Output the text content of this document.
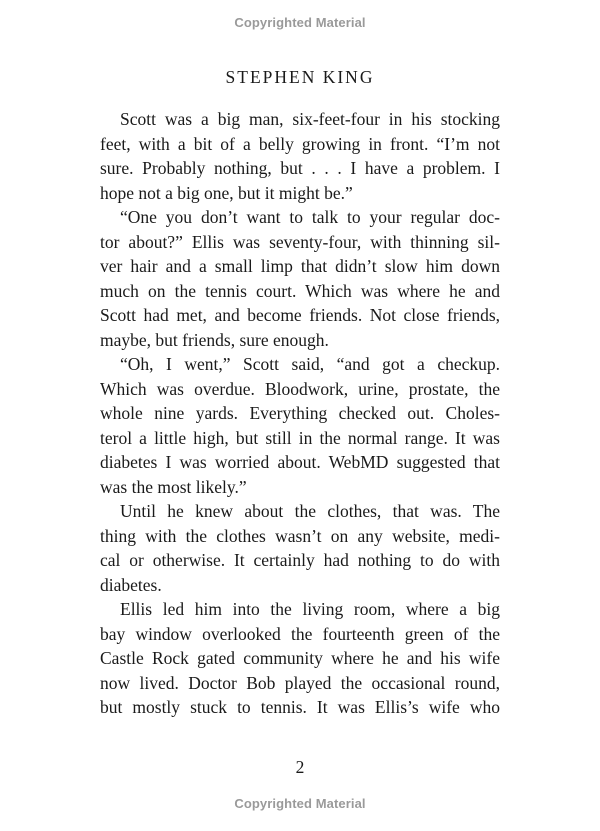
Copyrighted Material
STEPHEN KING
Scott was a big man, six-feet-four in his stocking
feet, with a bit of a belly growing in front. “I’m not
sure. Probably nothing, but . . . I have a problem. I
hope not a big one, but it might be.”
“One you don’t want to talk to your regular doc-
tor about?” Ellis was seventy-four, with thinning sil-
ver hair and a small limp that didn’t slow him down
much on the tennis court. Which was where he and
Scott had met, and become friends. Not close friends,
maybe, but friends, sure enough.
“Oh, I went,” Scott said, “and got a checkup.
Which was overdue. Bloodwork, urine, prostate, the
whole nine yards. Everything checked out. Choles-
terol a little high, but still in the normal range. It was
diabetes I was worried about. WebMD suggested that
was the most likely.”
Until he knew about the clothes, that was. The
thing with the clothes wasn’t on any website, medi-
cal or otherwise. It certainly had nothing to do with
diabetes.
Ellis led him into the living room, where a big
bay window overlooked the fourteenth green of the
Castle Rock gated community where he and his wife
now lived. Doctor Bob played the occasional round,
but mostly stuck to tennis. It was Ellis’s wife who
2
Copyrighted Material
